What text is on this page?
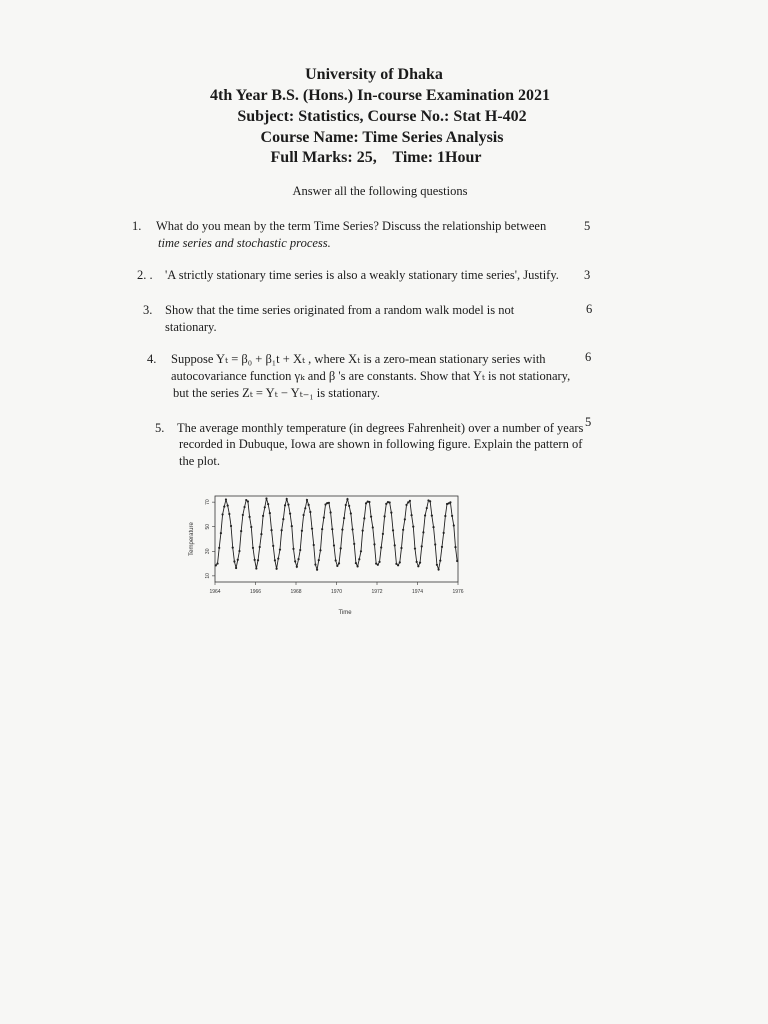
University of Dhaka
4th Year B.S. (Hons.) In-course Examination 2021
Subject: Statistics, Course No.: Stat H-402
Course Name: Time Series Analysis
Full Marks: 25,    Time: 1Hour
Answer all the following questions
1. What do you mean by the term Time Series? Discuss the relationship between
time series and stochastic process.
5
2. . 'A strictly stationary time series is also a weakly stationary time series', Justify. 3
3. Show that the time series originated from a random walk model is not
stationary.
6
4. Suppose Yₜ = β₀ + β₁t + Xₜ , where Xₜ is a zero-mean stationary series with
autocovariance function γₖ and β 's are constants. Show that Yₜ is not stationary,
but the series Zₜ = Yₜ − Yₜ₋₁ is stationary.
6
5. The average monthly temperature (in degrees Fahrenheit) over a number of years
recorded in Dubuque, Iowa are shown in following figure. Explain the pattern of
the plot.
5
1964	1966	1968	1970	1972	1974	1976
10
30
50
70
Time
Temperature
